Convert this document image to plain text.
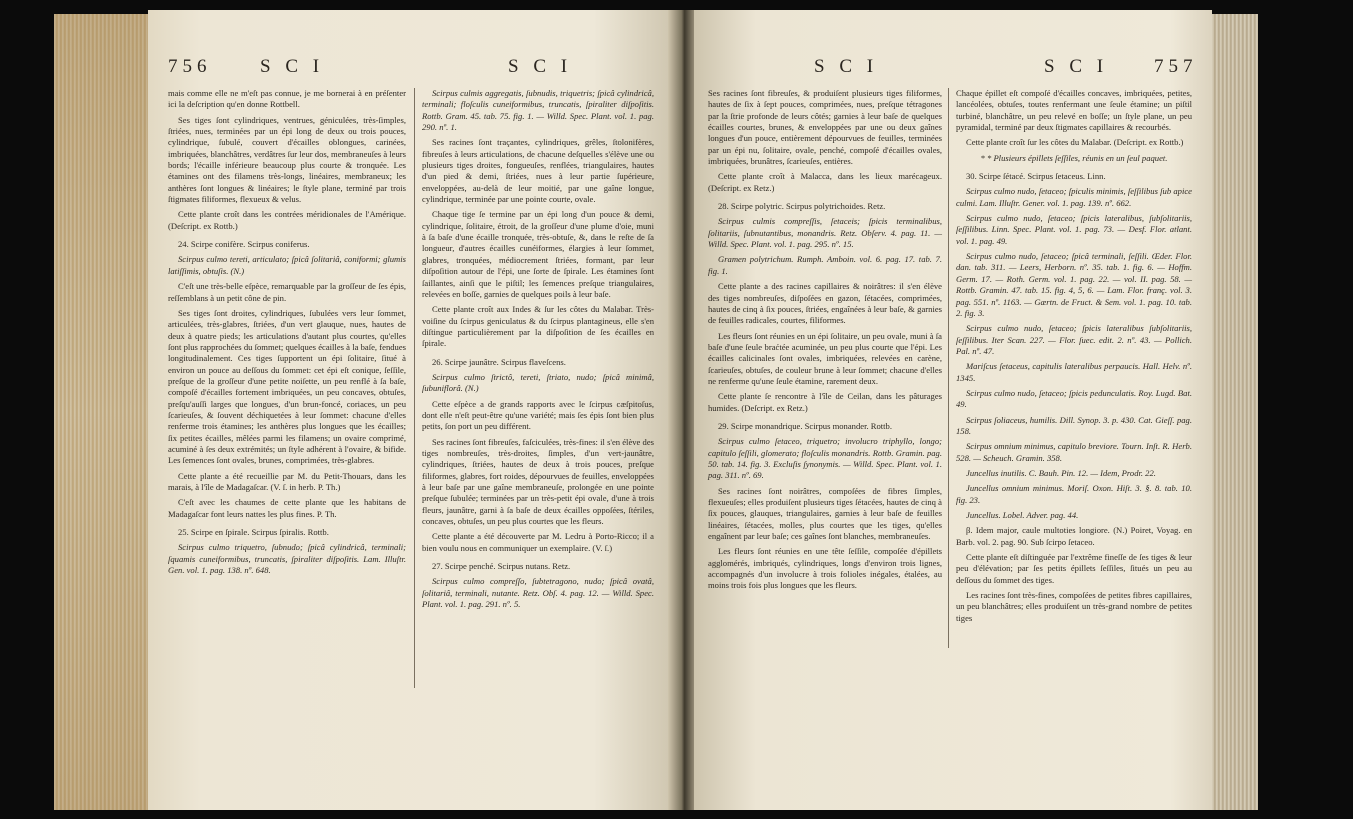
756	S C I	S C I

mais comme elle ne m'eſt pas connue, je me bornerai à en préſenter ici la deſcription qu'en donne Rottbell.

Ses tiges ſont cylindriques, ventrues, géniculées, très-ſimples, ſtriées, nues, terminées par un épi long de deux ou trois pouces, cylindrique, ſubulé, couvert d'écailles oblongues, carinées, imbriquées, blanchâtres, verdâtres ſur leur dos, membraneuſes à leurs bords; l'écaille inférieure beaucoup plus courte & tronquée. Les étamines ont des filamens très-longs, linéaires, membraneux; les anthères ſont longues & linéaires; le ſtyle plane, terminé par trois ſtigmates filiformes, flexueux & velus.

Cette plante croît dans les contrées méridionales de l'Amérique. (Deſcript. ex Rottb.)

24. Scirpe conifère. Scirpus coniferus.

Scirpus culmo tereti, articulato; ſpicâ ſolitariâ, coniformi; glumis latiſſimis, obtuſis. (N.)

C'eſt une très-belle eſpèce, remarquable par la groſſeur de ſes épis, reſſemblans à un petit cône de pin.

Ses tiges ſont droites, cylindriques, ſubulées vers leur ſommet, articulées, très-glabres, ſtriées, d'un vert glauque, nues, hautes de deux à quatre pieds; les articulations d'autant plus courtes, qu'elles ſont plus rapprochées du ſommet; quelques écailles à la baſe, fendues longitudinalement. Ces tiges ſupportent un épi ſolitaire, ſitué à environ un pouce au deſſous du ſommet: cet épi eſt conique, ſeſſile, preſque de la groſſeur d'une petite noiſette, un peu renflé à ſa baſe, compoſé d'écailles fortement imbriquées, un peu concaves, obtuſes, preſqu'auſſi larges que longues, d'un brun-foncé, coriaces, un peu ſcarieuſes, & ſouvent déchiquetées à leur ſommet: chacune d'elles renferme trois étamines; les anthères plus longues que les écailles; ſix petites écailles, mêlées parmi les filamens; un ovaire comprimé, acuminé à ſes deux extrémités; un ſtyle adhérent à l'ovaire, & bifide. Les ſemences ſont ovales, brunes, comprimées, très-glabres.

Cette plante a été recueillie par M. du Petit-Thouars, dans les marais, à l'île de Madagaſcar. (V. ſ. in herb. P. Th.)

C'eſt avec les chaumes de cette plante que les habitans de Madagaſcar font leurs nattes les plus fines. P. Th.

25. Scirpe en ſpirale. Scirpus ſpiralis. Rottb.

Scirpus culmo triquetro, ſubnudo; ſpicâ cylindricâ, terminali; ſquamis cuneiformibus, truncatis, ſpiraliter diſpoſitis. Lam. Illuſtr. Gen. vol. 1. pag. 138. nº. 648.

Scirpus culmis aggregatis, ſubnudis, triquetris; ſpicâ cylindricâ, terminali; floſculis cuneiformibus, truncatis, ſpiraliter diſpoſitis. Rottb. Gram. 45. tab. 75. fig. 1. — Willd. Spec. Plant. vol. 1. pag. 290. nº. 1.

Ses racines ſont traçantes, cylindriques, grêles, ſtolonifères, fibreuſes à leurs articulations, de chacune deſquelles s'élève une ou plusieurs tiges droites, fongueuſes, renflées, triangulaires, hautes d'un pied & demi, ſtriées, nues à leur partie ſupérieure, enveloppées, au-delà de leur moitié, par une gaîne longue, cylindrique, terminée par une pointe courte, ovale.

Chaque tige ſe termine par un épi long d'un pouce & demi, cylindrique, ſolitaire, étroit, de la groſſeur d'une plume d'oie, muni à ſa baſe d'une écaille tronquée, très-obtuſe, &, dans le reſte de ſa longueur, d'autres écailles cunéiformes, élargies à leur ſommet, glabres, tronquées, médiocrement ſtriées, formant, par leur diſpoſition autour de l'épi, une ſorte de ſpirale. Les étamines ſont ſaillantes, ainſi que le piſtil; les ſemences preſque triangulaires, relevées en boſſe, garnies de quelques poils à leur baſe.

Cette plante croît aux Indes & ſur les côtes du Malabar. Très-voiſine du ſcirpus geniculatus & du ſcirpus plantagineus, elle s'en diſtingue particulièrement par la diſpoſition de ſes écailles en ſpirale.

26. Scirpe jaunâtre. Scirpus flaveſcens.

Scirpus culmo ſtrictô, tereti, ſtriato, nudo; ſpicâ minimâ, ſubuniflorâ. (N.)

Cette eſpèce a de grands rapports avec le ſcirpus cæſpitoſus, dont elle n'eſt peut-être qu'une variété; mais ſes épis ſont bien plus petits, ſon port un peu différent.

Ses racines ſont fibreuſes, faſciculées, très-fines: il s'en élève des tiges nombreuſes, très-droites, ſimples, d'un vert-jaunâtre, cylindriques, ſtriées, hautes de deux à trois pouces, preſque filiformes, glabres, fort roides, dépourvues de feuilles, enveloppées à leur baſe par une gaîne membraneuſe, prolongée en une pointe preſque ſubulée; terminées par un très-petit épi ovale, d'une à trois fleurs, jaunâtre, garni à ſa baſe de deux écailles oppoſées, ſtériles, concaves, obtuſes, un peu plus courtes que les fleurs.

Cette plante a été découverte par M. Ledru à Porto-Ricco; il a bien voulu nous en communiquer un exemplaire. (V. ſ.)

27. Scirpe penché. Scirpus nutans. Retz.

Scirpus culmo compreſſo, ſubtetragono, nudo; ſpicâ ovatâ, ſolitariâ, terminali, nutante. Retz. Obſ. 4. pag. 12. — Willd. Spec. Plant. vol. 1. pag. 291. nº. 5.

S C I	S C I 757

Ses racines ſont fibreuſes, & produiſent plusieurs tiges filiformes, hautes de ſix à ſept pouces, comprimées, nues, preſque tétragones par la ſtrie profonde de leurs côtés; garnies à leur baſe de quelques écailles courtes, brunes, & enveloppées par une ou deux gaînes longues d'un pouce, entièrement dépourvues de feuilles, terminées par un épi nu, ſolitaire, ovale, penché, compoſé d'écailles ovales, imbriquées, brunâtres, ſcarieuſes, entières.

Cette plante croît à Malacca, dans les lieux marécageux. (Deſcript. ex Retz.)

28. Scirpe polytric. Scirpus polytrichoides. Retz.

Scirpus culmis compreſſis, ſetaceis; ſpicis terminalibus, ſolitariis, ſubnutantibus, monandris. Retz. Obſerv. 4. pag. 11. — Willd. Spec. Plant. vol. 1. pag. 295. nº. 15.

Gramen polytrichum. Rumph. Amboin. vol. 6. pag. 17. tab. 7. fig. 1.

Cette plante a des racines capillaires & noirâtres: il s'en élève des tiges nombreuſes, diſpoſées en gazon, ſétacées, comprimées, hautes de cinq à ſix pouces, ſtriées, engaînées à leur baſe, & garnies de feuilles radicales, courtes, filiformes.

Les fleurs ſont réunies en un épi ſolitaire, un peu ovale, muni à ſa baſe d'une ſeule braćtée acuminée, un peu plus courte que l'épi. Les écailles calicinales ſont ovales, imbriquées, relevées en carène, ſcarieuſes, obtuſes, de couleur brune à leur ſommet; chacune d'elles ne renferme qu'une ſeule étamine, rarement deux.

Cette plante ſe rencontre à l'île de Ceilan, dans les pâturages humides. (Deſcript. ex Retz.)

29. Scirpe monandrique. Scirpus monander. Rottb.

Scirpus culmo ſetaceo, triquetro; involucro triphyllo, longo; capitulo ſeſſili, glomerato; floſculis monandris. Rottb. Gramin. pag. 50. tab. 14. fig. 3. Excluſis ſynonymis. — Willd. Spec. Plant. vol. 1. pag. 311. nº. 69.

Ses racines ſont noirâtres, compoſées de fibres ſimples, flexueuſes; elles produiſent plusieurs tiges ſétacées, hautes de cinq à ſix pouces, glauques, triangulaires, garnies à leur baſe de feuilles linéaires, ſétacées, molles, plus courtes que les tiges, qu'elles engaînent par leur baſe; ces gaînes ſont blanches, membraneuſes.

Les fleurs ſont réunies en une tête ſeſſile, compoſée d'épillets agglomérés, imbriqués, cylindriques, longs d'environ trois lignes, accompagnés d'un involucre à trois folioles inégales, étalées, au moins trois fois plus longues que les fleurs.

Chaque épillet eſt compoſé d'écailles concaves, imbriquées, petites, lancéolées, obtuſes, toutes renfermant une ſeule étamine; un piſtil turbiné, blanchâtre, un peu relevé en boſſe; un ſtyle plane, un peu pyramidal, terminé par deux ſtigmates capillaires & recourbés.

Cette plante croît ſur les côtes du Malabar. (Deſcript. ex Rottb.)

* * Plusieurs épillets ſeſſiles, réunis en un ſeul paquet.

30. Scirpe ſétacé. Scirpus ſetaceus. Linn.

Scirpus culmo nudo, ſetaceo; ſpiculis minimis, ſeſſilibus ſub apice culmi. Lam. Illuſtr. Gener. vol. 1. pag. 139. nº. 662.

Scirpus culmo nudo, ſetaceo; ſpicis lateralibus, ſubſolitariis, ſeſſilibus. Linn. Spec. Plant. vol. 1. pag. 73. — Desf. Flor. atlant. vol. 1. pag. 49.

Scirpus culmo nudo, ſetaceo; ſpicâ terminali, ſeſſili. Œder. Flor. dan. tab. 311. — Leers, Herborn. nº. 35. tab. 1. fig. 6. — Hoffm. Germ. 17. — Roth. Germ. vol. 1. pag. 22. — vol. II. pag. 58. — Rottb. Gramin. 47. tab. 15. fig. 4, 5, 6. — Lam. Flor. franç. vol. 3. pag. 551. nº. 1163. — Gærtn. de Fruct. & Sem. vol. 1. pag. 10. tab. 2. fig. 3.

Scirpus culmo nudo, ſetaceo; ſpicis lateralibus ſubſolitariis, ſeſſilibus. Iter Scan. 227. — Flor. ſuec. edit. 2. nº. 43. — Pollich. Pal. nº. 47.

Mariſcus ſetaceus, capitulis lateralibus perpaucis. Hall. Helv. nº. 1345.

Scirpus culmo nudo, ſetaceo; ſpicis pedunculatis. Roy. Lugd. Bat. 49.

Scirpus ſoliaceus, humilis. Dill. Synop. 3. p. 430. Cat. Gieſſ. pag. 158.

Scirpus omnium minimus, capitulo breviore. Tourn. Inſt. R. Herb. 528. — Scheuch. Gramin. 358.

Juncellus inutilis. C. Bauh. Pin. 12. — Idem, Prodr. 22.

Juncellus omnium minimus. Moriſ. Oxon. Hiſt. 3. §. 8. tab. 10. fig. 23.

Juncellus. Lobel. Adver. pag. 44.

β. Idem major, caule multoties longiore. (N.) Poiret, Voyag. en Barb. vol. 2. pag. 90. Sub ſcirpo ſetaceo.

Cette plante eſt diſtinguée par l'extrême fineſſe de ſes tiges & leur peu d'élévation; par ſes petits épillets ſeſſiles, ſitués un peu au deſſous du ſommet des tiges.

Les racines ſont très-fines, compoſées de petites fibres capillaires, un peu blanchâtres; elles produiſent un très-grand nombre de petites tiges
